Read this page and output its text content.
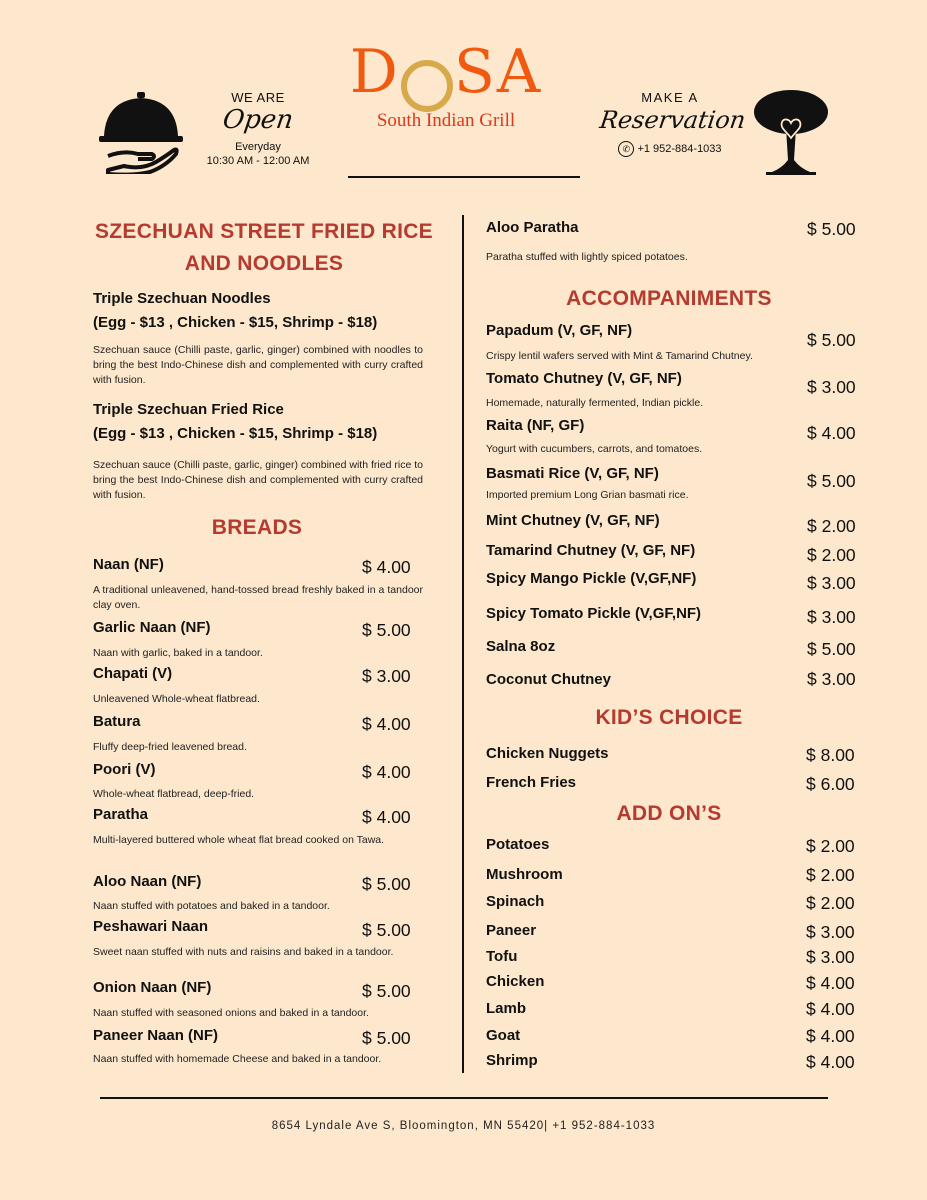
WE ARE
Open
Everyday
10:30 AM - 12:00 AM
D SA
South Indian Grill
MAKE A
Reservation
✆ +1 952-884-1033
SZECHUAN STREET FRIED RICE
AND NOODLES
Triple Szechuan Noodles
(Egg - $13 , Chicken - $15, Shrimp - $18)
Szechuan sauce (Chilli paste, garlic, ginger) combined with noodles to bring the best Indo-Chinese dish and complemented with curry crafted with fusion.
Triple Szechuan Fried Rice
(Egg - $13 , Chicken - $15, Shrimp - $18)
Szechuan sauce (Chilli paste, garlic, ginger) combined with fried rice to bring the best Indo-Chinese dish and complemented with curry crafted with fusion.
BREADS
Naan (NF)	$ 4.00
A traditional unleavened, hand-tossed bread freshly baked in a tandoor clay oven.
Garlic Naan (NF)	$ 5.00
Naan with garlic, baked in a tandoor.
Chapati (V)	$ 3.00
Unleavened Whole-wheat flatbread.
Batura	$ 4.00
Fluffy deep-fried leavened bread.
Poori (V)	$ 4.00
Whole-wheat flatbread, deep-fried.
Paratha	$ 4.00
Multi-layered buttered whole wheat flat bread cooked on Tawa.
Aloo Naan (NF)	$ 5.00
Naan stuffed with potatoes and baked in a tandoor.
Peshawari Naan	$ 5.00
Sweet naan stuffed with nuts and raisins and baked in a tandoor.
Onion Naan (NF)	$ 5.00
Naan stuffed with seasoned onions and baked in a tandoor.
Paneer Naan (NF)	$ 5.00
Naan stuffed with homemade Cheese and baked in a tandoor.
Aloo Paratha	$ 5.00
Paratha stuffed with lightly spiced potatoes.
ACCOMPANIMENTS
Papadum (V, GF, NF)	$ 5.00
Crispy lentil wafers served with Mint & Tamarind Chutney.
Tomato Chutney (V, GF, NF)	$ 3.00
Homemade, naturally fermented, Indian pickle.
Raita (NF, GF)	$ 4.00
Yogurt with cucumbers, carrots, and tomatoes.
Basmati Rice (V, GF, NF)	$ 5.00
Imported premium Long Grian basmati rice.
Mint Chutney (V, GF, NF)	$ 2.00
Tamarind Chutney (V, GF, NF)	$ 2.00
Spicy Mango Pickle (V,GF,NF)	$ 3.00
Spicy Tomato Pickle (V,GF,NF)	$ 3.00
Salna 8oz	$ 5.00
Coconut Chutney	$ 3.00
KID’S CHOICE
Chicken Nuggets	$ 8.00
French Fries	$ 6.00
ADD ON’S
Potatoes	$ 2.00
Mushroom	$ 2.00
Spinach	$ 2.00
Paneer	$ 3.00
Tofu	$ 3.00
Chicken	$ 4.00
Lamb	$ 4.00
Goat	$ 4.00
Shrimp	$ 4.00
8654 Lyndale Ave S, Bloomington, MN 55420| +1 952-884-1033
